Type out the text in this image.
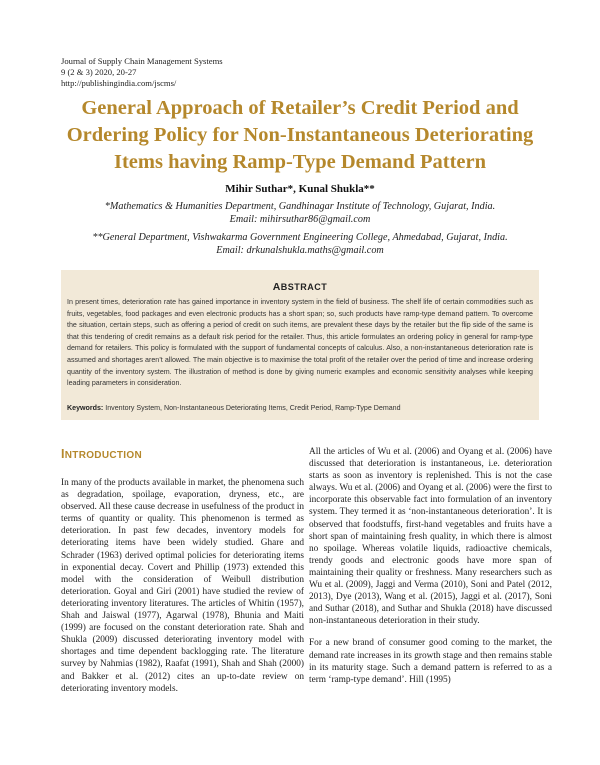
Journal of Supply Chain Management Systems
9 (2 & 3) 2020, 20-27
http://publishingindia.com/jscms/
General Approach of Retailer’s Credit Period and Ordering Policy for Non-Instantaneous Deteriorating Items having Ramp-Type Demand Pattern
Mihir Suthar*, Kunal Shukla**
*Mathematics & Humanities Department, Gandhinagar Institute of Technology, Gujarat, India.
Email: mihirsuthar86@gmail.com
**General Department, Vishwakarma Government Engineering College, Ahmedabad, Gujarat, India.
Email: drkunalshukla.maths@gmail.com
ABSTRACT
In present times, deterioration rate has gained importance in inventory system in the field of business. The shelf life of certain commodities such as fruits, vegetables, food packages and even electronic products has a short span; so, such products have ramp-type demand pattern. To overcome the situation, certain steps, such as offering a period of credit on such items, are prevalent these days by the retailer but the flip side of the same is that this tendering of credit remains as a default risk period for the retailer. Thus, this article formulates an ordering policy in general for ramp-type demand for retailers. This policy is formulated with the support of fundamental concepts of calculus. Also, a non-instantaneous deterioration rate is assumed and shortages aren’t allowed. The main objective is to maximise the total profit of the retailer over the period of time and increase ordering quantity of the inventory system. The illustration of method is done by giving numeric examples and economic sensitivity analyses while keeping leading parameters in consideration.
Keywords: Inventory System, Non-Instantaneous Deteriorating Items, Credit Period, Ramp-Type Demand
INTRODUCTION

In many of the products available in market, the phenomena such as degradation, spoilage, evaporation, dryness, etc., are observed. All these cause decrease in usefulness of the product in terms of quantity or quality. This phenomenon is termed as deterioration. In past few decades, inventory models for deteriorating items have been widely studied. Ghare and Schrader (1963) derived optimal policies for deteriorating items in exponential decay. Covert and Phillip (1973) extended this model with the consideration of Weibull distribution deterioration. Goyal and Giri (2001) have studied the review of deteriorating inventory literatures. The articles of Whitin (1957), Shah and Jaiswal (1977), Agarwal (1978), Bhunia and Maiti (1999) are focused on the constant deterioration rate. Shah and Shukla (2009) discussed deteriorating inventory model with shortages and time dependent backlogging rate. The literature survey by Nahmias (1982), Raafat (1991), Shah and Shah (2000) and Bakker et al. (2012) cites an up-to-date review on deteriorating inventory models.

All the articles of Wu et al. (2006) and Oyang et al. (2006) have discussed that deterioration is instantaneous, i.e. deterioration starts as soon as inventory is replenished. This is not the case always. Wu et al. (2006) and Oyang et al. (2006) were the first to incorporate this observable fact into formulation of an inventory system. They termed it as ‘non-instantaneous deterioration’. It is observed that foodstuffs, first-hand vegetables and fruits have a short span of maintaining fresh quality, in which there is almost no spoilage. Whereas volatile liquids, radioactive chemicals, trendy goods and electronic goods have more span of maintaining their quality or freshness. Many researchers such as Wu et al. (2009), Jaggi and Verma (2010), Soni and Patel (2012, 2013), Dye (2013), Wang et al. (2015), Jaggi et al. (2017), Soni and Suthar (2018), and Suthar and Shukla (2018) have discussed non-instantaneous deterioration in their study.

For a new brand of consumer good coming to the market, the demand rate increases in its growth stage and then remains stable in its maturity stage. Such a demand pattern is referred to as a term ‘ramp-type demand’. Hill (1995)
